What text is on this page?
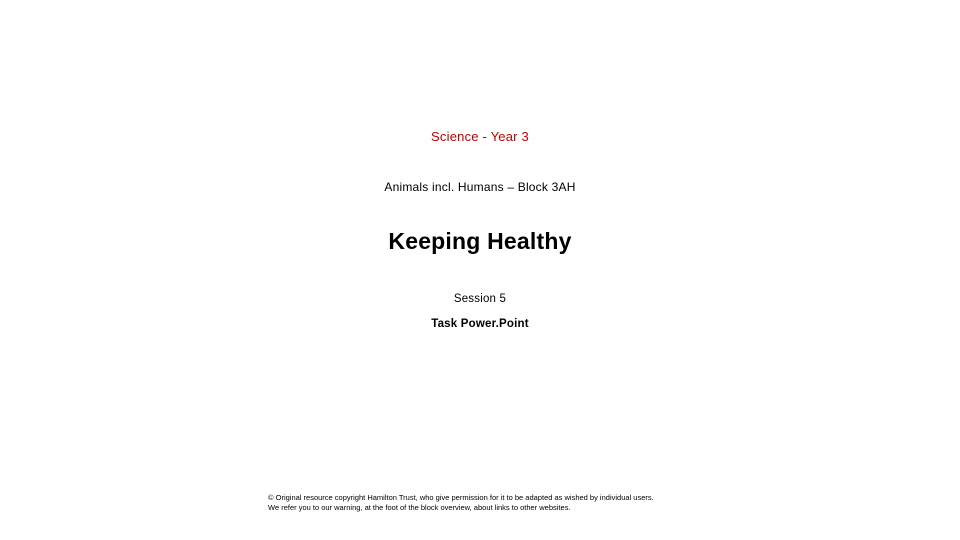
Science - Year 3
Animals incl. Humans – Block 3AH
Keeping Healthy
Session 5
Task Power.Point
© Original resource copyright Hamilton Trust, who give permission for it to be adapted as wished by individual users.
We refer you to our warning, at the foot of the block overview, about links to other websites.
